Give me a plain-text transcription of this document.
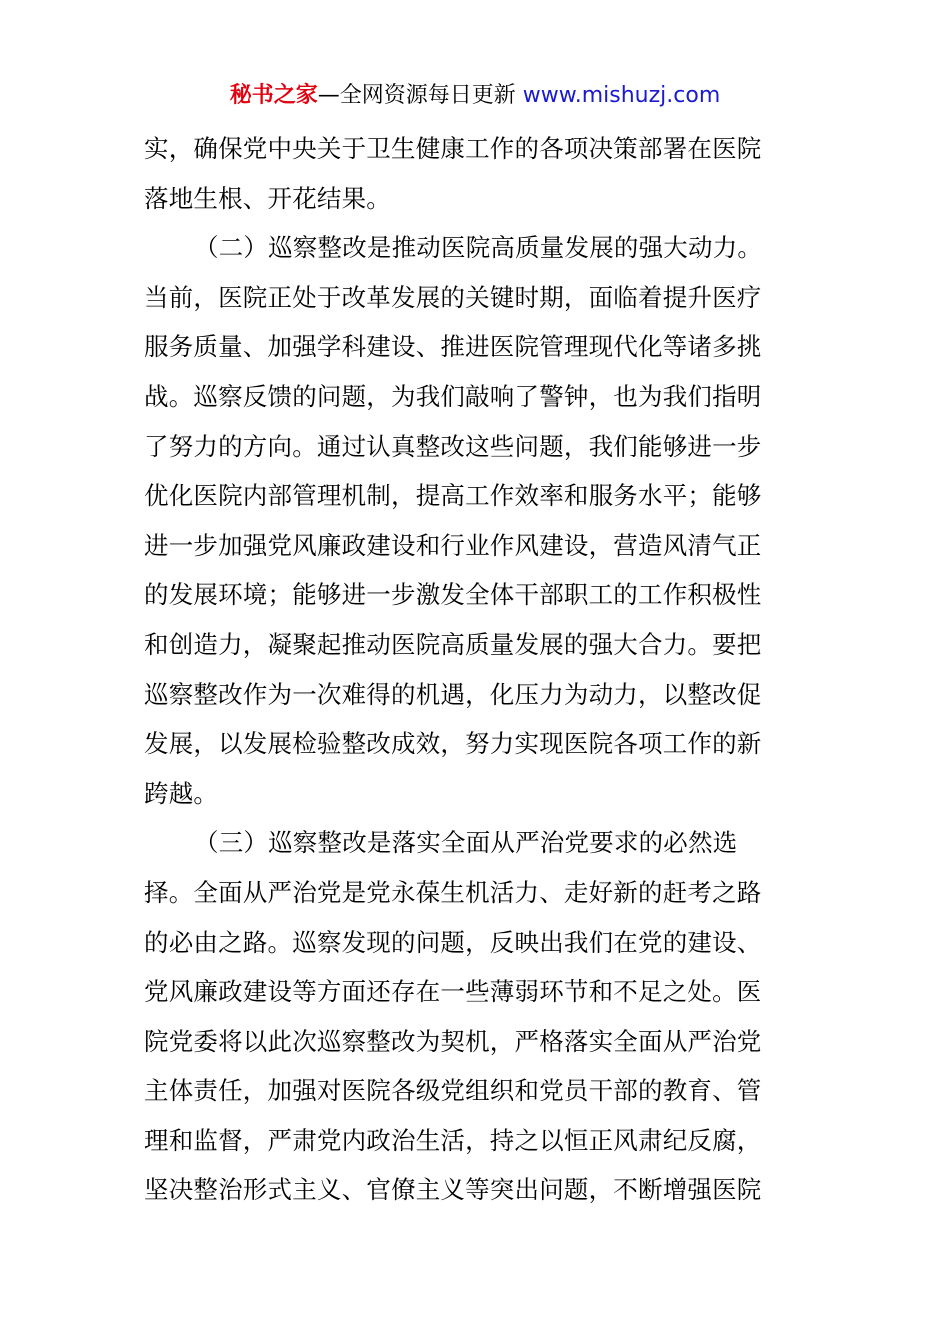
秘书之家—全网资源每日更新 www.mishuzj.com
实，确保党中央关于卫生健康工作的各项决策部署在医院
落地生根、开花结果。
（二）巡察整改是推动医院高质量发展的强大动力。
当前，医院正处于改革发展的关键时期，面临着提升医疗
服务质量、加强学科建设、推进医院管理现代化等诸多挑
战。巡察反馈的问题，为我们敲响了警钟，也为我们指明
了努力的方向。通过认真整改这些问题，我们能够进一步
优化医院内部管理机制，提高工作效率和服务水平；能够
进一步加强党风廉政建设和行业作风建设，营造风清气正
的发展环境；能够进一步激发全体干部职工的工作积极性
和创造力，凝聚起推动医院高质量发展的强大合力。要把
巡察整改作为一次难得的机遇，化压力为动力，以整改促
发展，以发展检验整改成效，努力实现医院各项工作的新
跨越。
（三）巡察整改是落实全面从严治党要求的必然选
择。全面从严治党是党永葆生机活力、走好新的赶考之路
的必由之路。巡察发现的问题，反映出我们在党的建设、
党风廉政建设等方面还存在一些薄弱环节和不足之处。医
院党委将以此次巡察整改为契机，严格落实全面从严治党
主体责任，加强对医院各级党组织和党员干部的教育、管
理和监督，严肃党内政治生活，持之以恒正风肃纪反腐，
坚决整治形式主义、官僚主义等突出问题，不断增强医院
